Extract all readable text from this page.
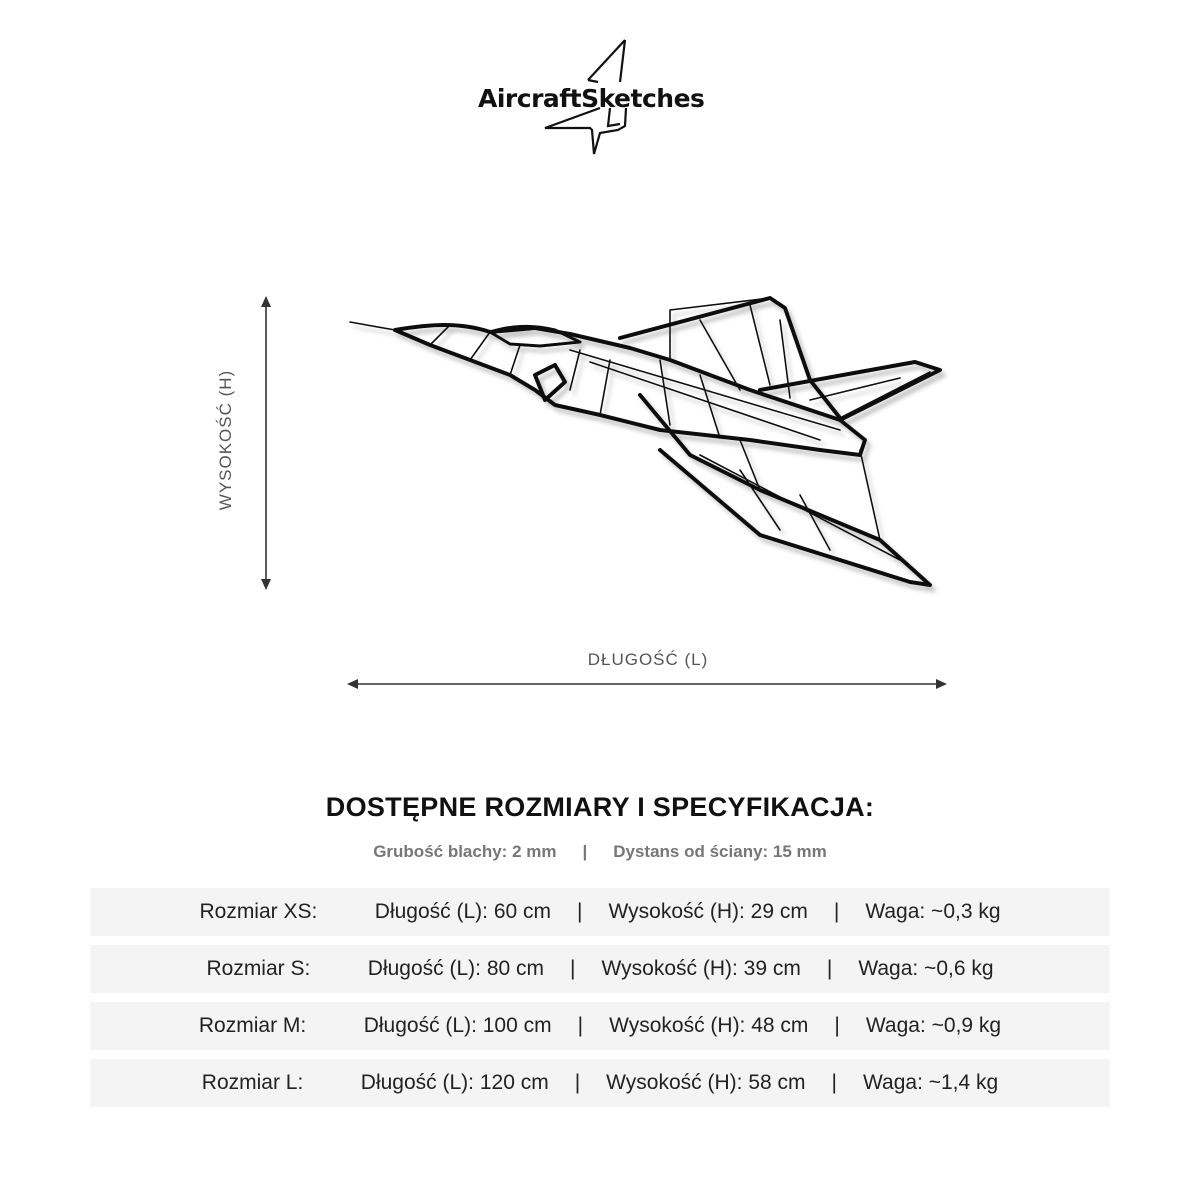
AircraftSketches
WYSOKOŚĆ (H)
DŁUGOŚĆ (L)
DOSTĘPNE ROZMIARY I SPECYFIKACJA:
Grubość blachy: 2 mm | Dystans od ściany: 15 mm
Rozmiar XS:	Długość (L): 60 cm	|	Wysokość (H): 29 cm	|	Waga: ~0,3 kg
Rozmiar S:	Długość (L): 80 cm	|	Wysokość (H): 39 cm	|	Waga: ~0,6 kg
Rozmiar M:	Długość (L): 100 cm	|	Wysokość (H): 48 cm	|	Waga: ~0,9 kg
Rozmiar L:	Długość (L): 120 cm	|	Wysokość (H): 58 cm	|	Waga: ~1,4 kg
